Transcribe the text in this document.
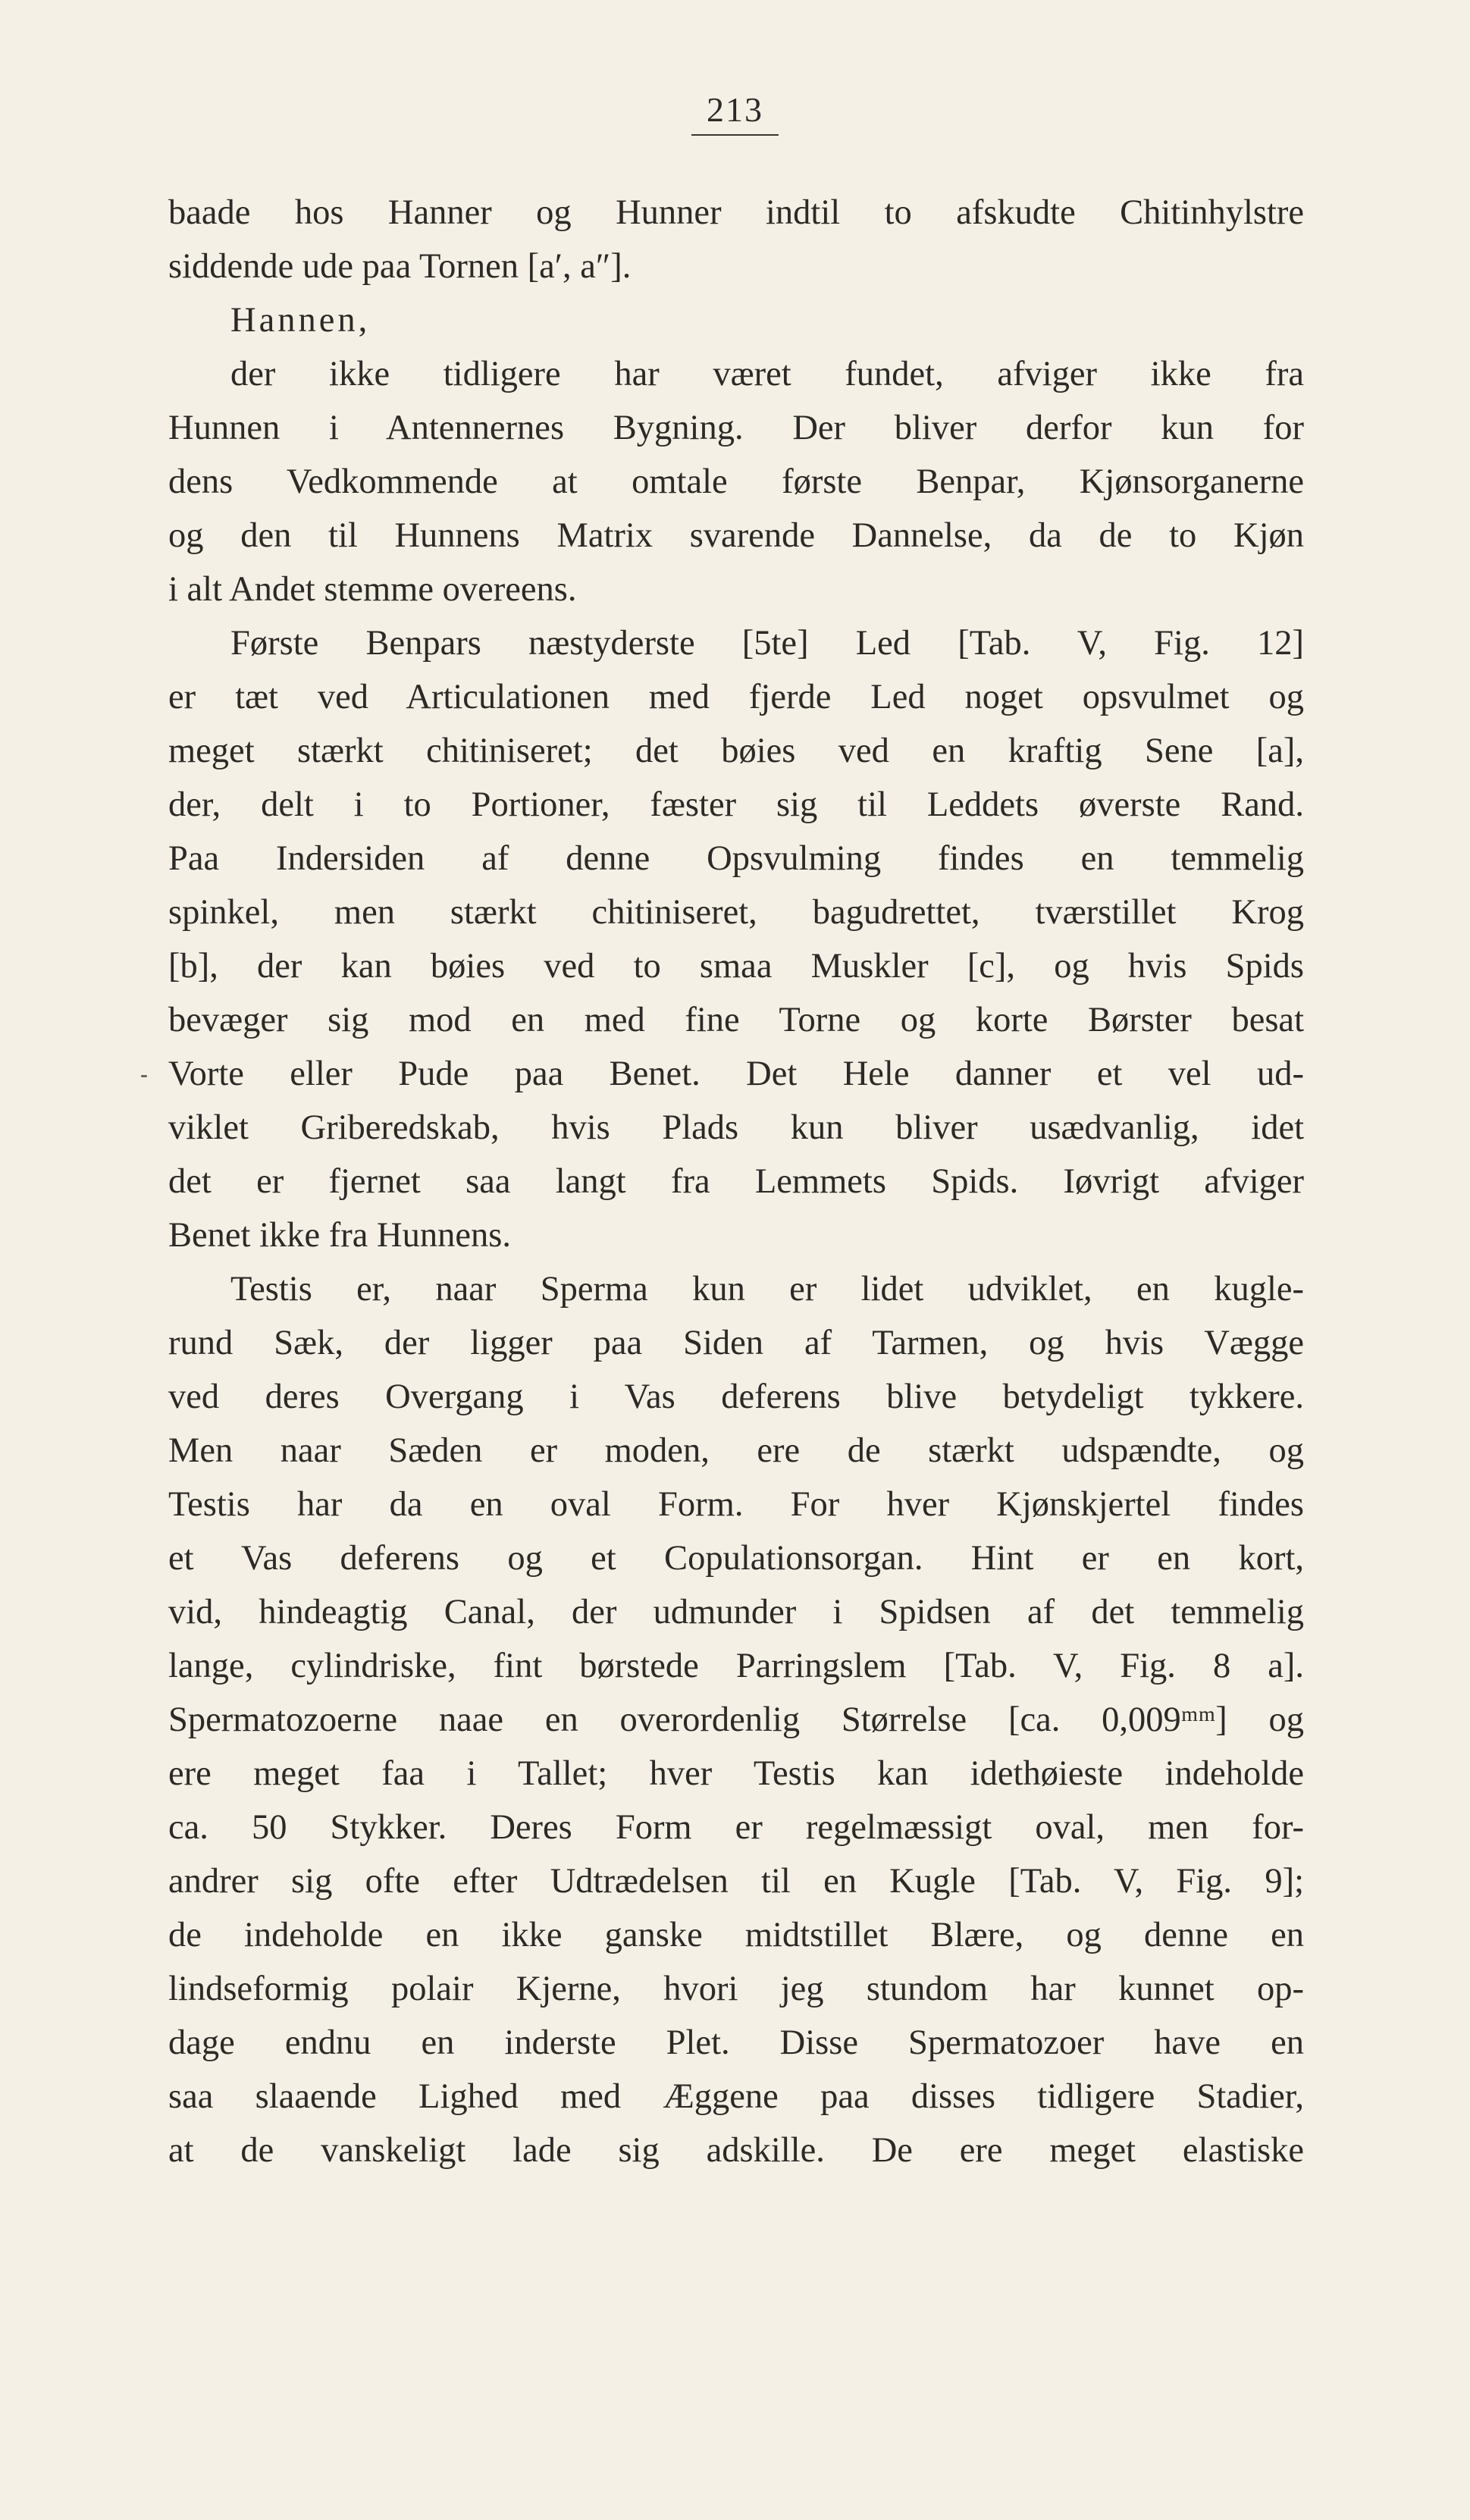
213
baade hos Hanner og Hunner indtil to afskudte Chitinhylstre
siddende ude paa Tornen [a′, a″].
Hannen,
der ikke tidligere har været fundet, afviger ikke fra
Hunnen i Antennernes Bygning. Der bliver derfor kun for
dens Vedkommende at omtale første Benpar, Kjønsorganerne
og den til Hunnens Matrix svarende Dannelse, da de to Kjøn
i alt Andet stemme overeens.
Første Benpars næstyderste [5te] Led [Tab. V, Fig. 12]
er tæt ved Articulationen med fjerde Led noget opsvulmet og
meget stærkt chitiniseret; det bøies ved en kraftig Sene [a],
der, delt i to Portioner, fæster sig til Leddets øverste Rand.
Paa Indersiden af denne Opsvulming findes en temmelig
spinkel, men stærkt chitiniseret, bagudrettet, tværstillet Krog
[b], der kan bøies ved to smaa Muskler [c], og hvis Spids
bevæger sig mod en med fine Torne og korte Børster besat
Vorte eller Pude paa Benet. Det Hele danner et vel ud-
viklet Griberedskab, hvis Plads kun bliver usædvanlig, idet
det er fjernet saa langt fra Lemmets Spids. Iøvrigt afviger
Benet ikke fra Hunnens.
Testis er, naar Sperma kun er lidet udviklet, en kugle-
rund Sæk, der ligger paa Siden af Tarmen, og hvis Vægge
ved deres Overgang i Vas deferens blive betydeligt tykkere.
Men naar Sæden er moden, ere de stærkt udspændte, og
Testis har da en oval Form. For hver Kjønskjertel findes
et Vas deferens og et Copulationsorgan. Hint er en kort,
vid, hindeagtig Canal, der udmunder i Spidsen af det temmelig
lange, cylindriske, fint børstede Parringslem [Tab. V, Fig. 8 a].
Spermatozoerne naae en overordenlig Størrelse [ca. 0,009ᵐᵐ] og
ere meget faa i Tallet; hver Testis kan idethøieste indeholde
ca. 50 Stykker. Deres Form er regelmæssigt oval, men for-
andrer sig ofte efter Udtrædelsen til en Kugle [Tab. V, Fig. 9];
de indeholde en ikke ganske midtstillet Blære, og denne en
lindseformig polair Kjerne, hvori jeg stundom har kunnet op-
dage endnu en inderste Plet. Disse Spermatozoer have en
saa slaaende Lighed med Æggene paa disses tidligere Stadier,
at de vanskeligt lade sig adskille. De ere meget elastiske
